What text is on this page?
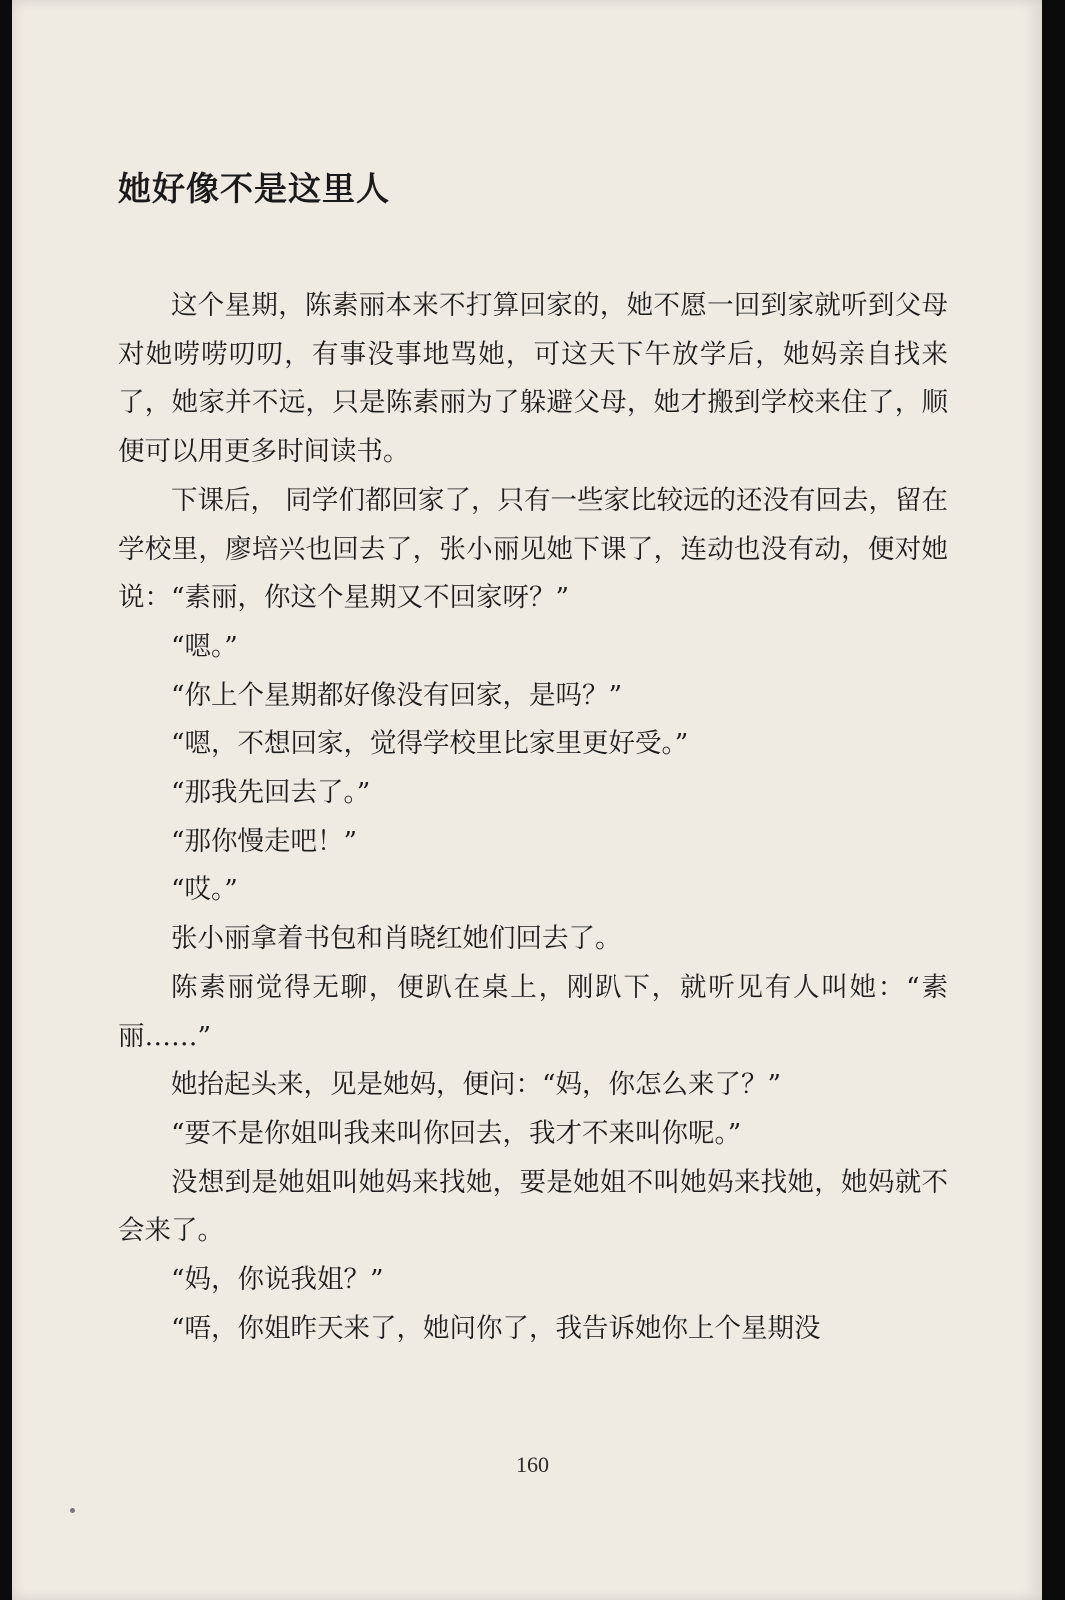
她好像不是这里人

这个星期，陈素丽本来不打算回家的，她不愿一回到家就听到父母对她唠唠叨叨，有事没事地骂她，可这天下午放学后，她妈亲自找来了，她家并不远，只是陈素丽为了躲避父母，她才搬到学校来住了，顺便可以用更多时间读书。

下课后， 同学们都回家了，只有一些家比较远的还没有回去，留在学校里，廖培兴也回去了，张小丽见她下课了，连动也没有动，便对她说：“素丽，你这个星期又不回家呀？”

“嗯。”

“你上个星期都好像没有回家，是吗？”

“嗯，不想回家，觉得学校里比家里更好受。”

“那我先回去了。”

“那你慢走吧！”

“哎。”

张小丽拿着书包和肖晓红她们回去了。

陈素丽觉得无聊，便趴在桌上，刚趴下，就听见有人叫她：“素丽……”

她抬起头来，见是她妈，便问：“妈，你怎么来了？”

“要不是你姐叫我来叫你回去，我才不来叫你呢。”

没想到是她姐叫她妈来找她，要是她姐不叫她妈来找她，她妈就不会来了。

“妈，你说我姐？”

“唔，你姐昨天来了，她问你了，我告诉她你上个星期没

160
